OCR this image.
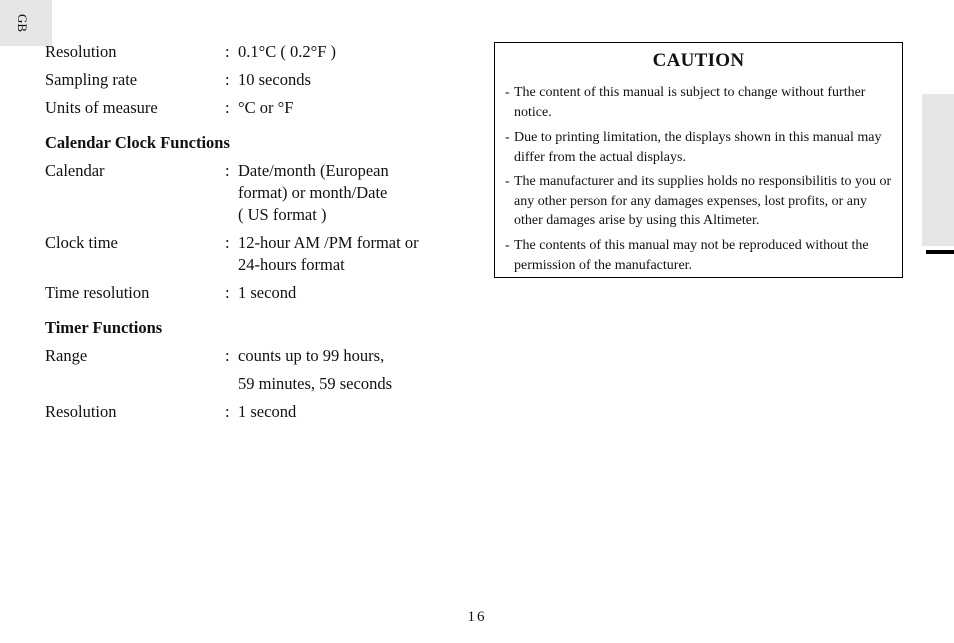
GB
Resolution	: 0.1°C ( 0.2°F )
Sampling rate	: 10 seconds
Units of measure	: °C or °F
Calendar Clock Functions
Calendar	: Date/month (European
format) or month/Date
( US format )
Clock time	: 12-hour AM /PM format or
24-hours format
Time resolution	: 1 second
Timer Functions
Range	: counts up to 99 hours,
59 minutes, 59 seconds
Resolution	: 1 second
CAUTION
- The content of this manual is subject to change without further notice.
- Due to printing limitation, the displays shown in this manual may differ from the actual displays.
- The manufacturer and its supplies holds no responsibilitis to you or any other person for any damages expenses, lost profits, or any other damages arise by using this Altimeter.
- The contents of this manual may not be reproduced without the permission of the manufacturer.
16
